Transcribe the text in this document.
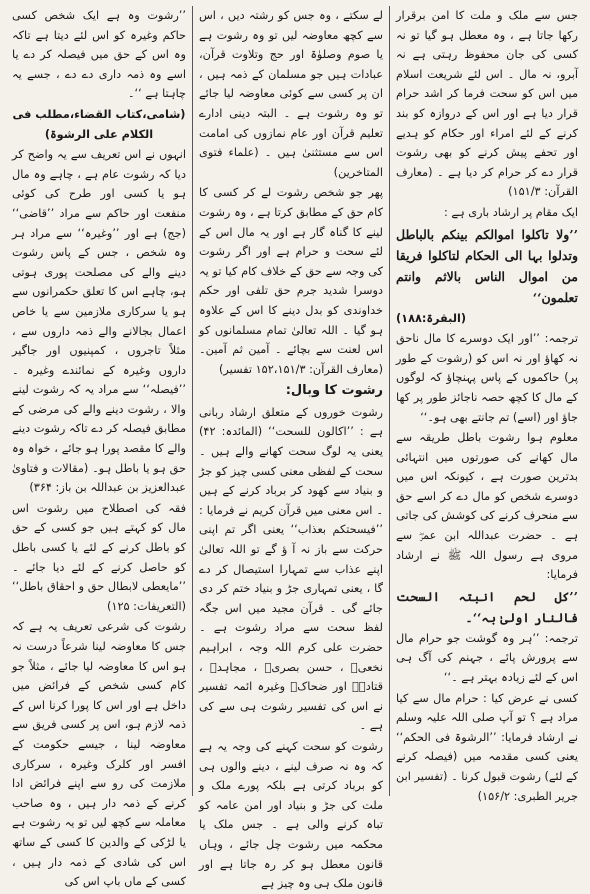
’’رشوت وہ ہے ایک شخص کسی حاکم وغیرہ کو اس لئے دیتا ہے تاکہ وہ اس کے حق میں فیصلہ کر دے یا اسے وہ ذمہ داری دے دے ، جسے یہ چاہتا ہے ‘‘۔

(شامی،کتاب القضاء،مطلب فی الکلام علی الرشوۃ)

انہوں نے اس تعریف سے یہ واضح کر دیا کہ رشوت عام ہے ، چاہے وہ مال ہو یا کسی اور طرح کی کوئی منفعت اور حاکم سے مراد ’’قاضی‘‘ (جج) ہے اور ’’وغیرہ‘‘ سے مراد ہر وہ شخص ، جس کے پاس رشوت دینے والے کی مصلحت پوری ہوتی ہو، چاہے اس کا تعلق حکمرانوں سے ہو یا سرکاری ملازمین سے یا خاص اعمال بجالانے والے ذمہ داروں سے ، مثلاً تاجروں ، کمپنیوں اور جاگیر داروں وغیرہ کے نمائندے وغیرہ ۔ ’’فیصلہ‘‘ سے مراد یہ کہ رشوت لینے والا ، رشوت دینے والے کی مرضی کے مطابق فیصلہ کر دے تاکہ رشوت دینے والے کا مقصد پورا ہو جائے ، خواہ وہ حق ہو یا باطل ہو۔ (مقالات و فتاویٰ عبدالعزیز بن عبداللہ بن باز: ۳۶۴)

فقہ کی اصطلاح میں رشوت اس مال کو کہتے ہیں جو کسی کے حق کو باطل کرنے کے لئے یا کسی باطل کو حاصل کرنے کے لئے دیا جائے ۔ ’’مایعطی لابطال حق و احقاق باطل‘‘ (التعریفات: ۱۲۵)

رشوت کی شرعی تعریف یہ ہے کہ جس کا معاوضہ لینا شرعاً درست نہ ہو اس کا معاوضہ لیا جائے ، مثلاً جو کام کسی شخص کے فرائض میں داخل ہے اور اس کا پورا کرنا اس کے ذمہ لازم ہو، اس پر کسی فریق سے معاوضہ لینا ، جیسے حکومت کے افسر اور کلرک وغیرہ ، سرکاری ملازمت کی رو سے اپنے فرائض ادا کرنے کے ذمہ دار ہیں ، وہ صاحب معاملہ سے کچھ لیں تو یہ رشوت ہے یا لڑکی کے والدین کا کسی کے ساتھ اس کی شادی کے ذمہ دار ہیں ، کسی کے ماں باپ اس کی

لے سکتے ، وہ جس کو رشتہ دیں ، اس سے کچھ معاوضہ لیں تو وہ رشوت ہے یا صوم وصلوٰۃ اور حج وتلاوت قرآن، عبادات ہیں جو مسلمان کے ذمہ ہیں ، ان پر کسی سے کوئی معاوضہ لیا جائے تو وہ رشوت ہے ۔ البتہ دینی ادارے تعلیم قرآن اور عام نمازوں کی امامت اس سے مستثنیٰ ہیں ۔ (علماء فتوی المتاخرین)

پھر جو شخص رشوت لے کر کسی کا کام حق کے مطابق کرتا ہے ، وہ رشوت لینے کا گناہ گار ہے اور یہ مال اس کے لئے سحت و حرام ہے اور اگر رشوت کی وجہ سے حق کے خلاف کام کیا تو یہ دوسرا شدید جرم حق تلفی اور حکم خداوندی کو بدل دینے کا اس کے علاوہ ہو گیا ۔ اللہ تعالیٰ تمام مسلمانوں کو اس لعنت سے بچائے ۔ آمین ثم آمین۔ (معارف القرآن: ۱۵۲،۱۵۱/۳ تفسیر)

رشوت کا وبال:

رشوت خوروں کے متعلق ارشاد ربانی ہے : ’’اکالون للسحت‘‘ (المائدہ: ۴۲) یعنی یہ لوگ سحت کھانے والے ہیں ۔ سحت کے لفظی معنی کسی چیز کو جڑ و بنیاد سے کھود کر برباد کرنے کے ہیں ۔ اس معنی میں قرآن کریم نے فرمایا : ’’فیسحتکم بعذاب‘‘ یعنی اگر تم اپنی حرکت سے باز نہ آ ؤ گے تو اللہ تعالیٰ اپنے عذاب سے تمہارا استیصال کر دے گا ، یعنی تمہاری جڑ و بنیاد ختم کر دی جائے گی ۔ قرآن مجید میں اس جگہ لفظ سحت سے مراد رشوت ہے ۔ حضرت علی کرم اللہ وجہ ، ابراہیم نخعیؒ ، حسن بصریؒ ، مجاہدؒ ، قتادہؒ اور ضحاکؒ وغیرہ ائمہ تفسیر نے اس کی تفسیر رشوت ہی سے کی ہے ۔

رشوت کو سحت کہنے کی وجہ یہ ہے کہ وہ نہ صرف لینے ، دینے والوں ہی کو برباد کرتی ہے بلکہ پورے ملک و ملت کی جڑ و بنیاد اور امن عامہ کو تباہ کرنے والی ہے ۔ جس ملک یا محکمہ میں رشوت چل جائے ، وہاں قانون معطل ہو کر رہ جاتا ہے اور قانون ملک ہی وہ چیز ہے

جس سے ملک و ملت کا امن برقرار رکھا جاتا ہے ، وہ معطل ہو گیا تو نہ کسی کی جان محفوظ رہتی ہے نہ آبرو، نہ مال ۔ اس لئے شریعت اسلام میں اس کو سحت فرما کر اشد حرام قرار دیا ہے اور اس کے دروازہ کو بند کرنے کے لئے امراء اور حکام کو ہدیے اور تحفے پیش کرنے کو بھی رشوت قرار دے کر حرام کر دیا ہے ۔ (معارف القرآن: ۱۵۱/۳)

ایک مقام پر ارشاد باری ہے :

’’ولا تاکلوا اموالکم بینکم بالباطل وتدلوا بہا الی الحکام لتاکلوا فریقا من اموال الناس بالاثم وانتم تعلمون‘‘

(البقرۃ:۱۸۸)

ترجمہ: ’’اور ایک دوسرے کا مال ناحق نہ کھاؤ اور نہ اس کو (رشوت کے طور پر) حاکموں کے پاس پہنچاؤ کہ لوگوں کے مال کا کچھ حصہ ناجائز طور پر کھا جاؤ اور (اسے) تم جانتے بھی ہو۔‘‘

معلوم ہوا رشوت باطل طریقہ سے مال کھانے کی صورتوں میں انتہائی بدترین صورت ہے ، کیونکہ اس میں دوسرے شخص کو مال دے کر اسے حق سے منحرف کرنے کی کوشش کی جاتی ہے ۔ حضرت عبداللہ ابن عمرؓ سے مروی ہے رسول اللہ ﷺ نے ارشاد فرمایا:

’’کل لحم انبتہ السحت فالنار اولیٰ بہ‘‘۔

ترجمہ: ’’ہر وہ گوشت جو حرام مال سے پرورش پائے ، جہنم کی آگ ہی اس کے لئے زیادہ بہتر ہے ۔‘‘

کسی نے عرض کیا : حرام مال سے کیا مراد ہے ؟ تو آپ صلی اللہ علیہ وسلم نے ارشاد فرمایا: ’’الرشوۃ فی الحکم‘‘ یعنی کسی مقدمہ میں (فیصلہ کرنے کے لئے) رشوت قبول کرنا ۔ (تفسیر ابن جریر الطبری: ۱۵۶/۲)
